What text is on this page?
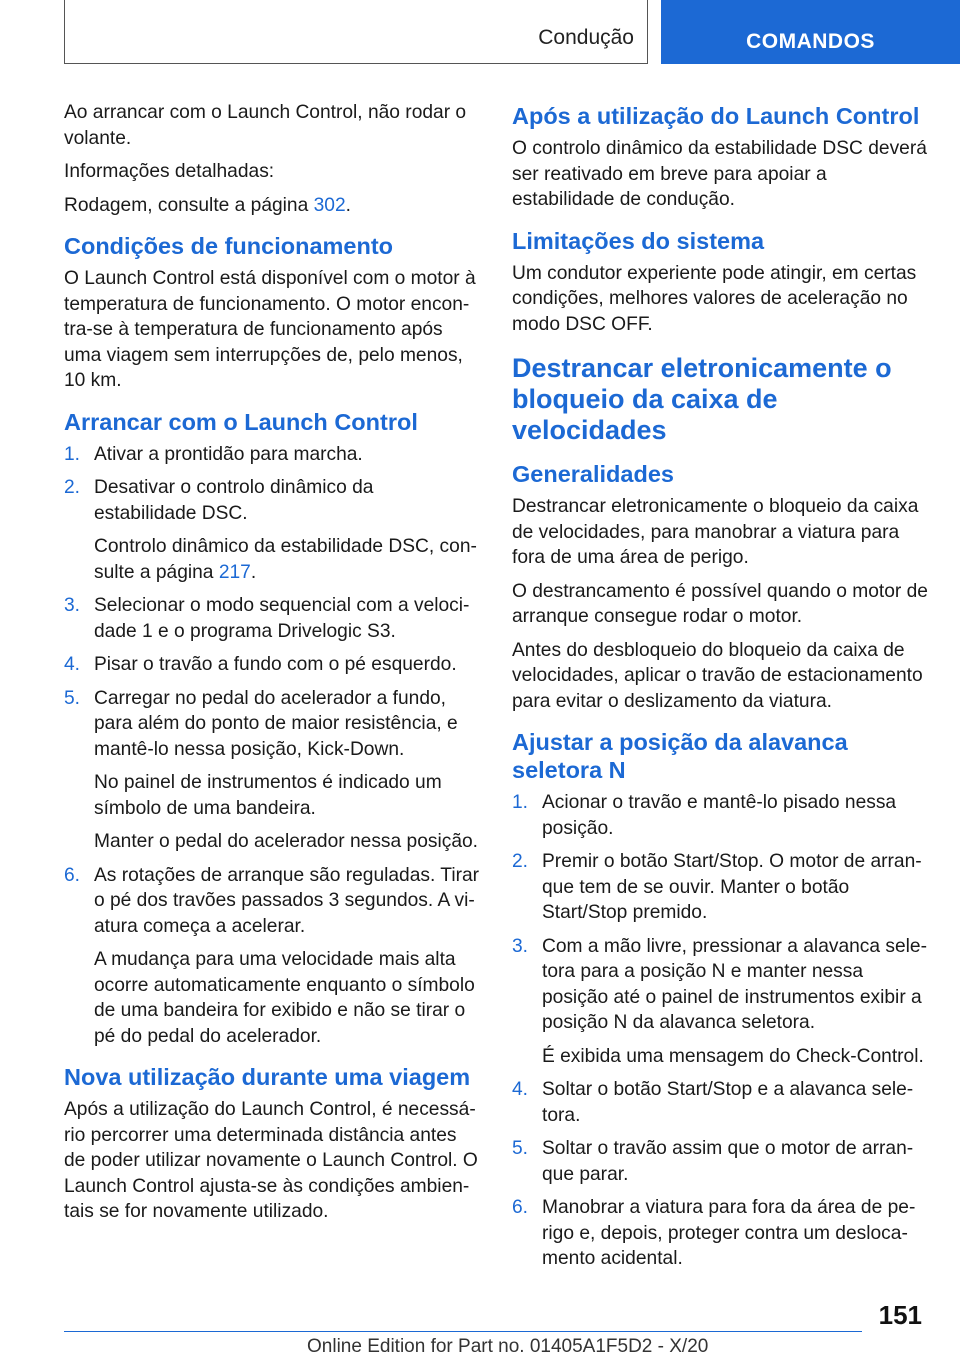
Condução	COMANDOS

Ao arrancar com o Launch Control, não rodar o volante.

Informações detalhadas:

Rodagem, consulte a página 302.

Condições de funcionamento

O Launch Control está disponível com o motor à temperatura de funcionamento. O motor encontra-se à temperatura de funcionamento após uma viagem sem interrupções de, pelo menos, 10 km.

Arrancar com o Launch Control
1. Ativar a prontidão para marcha.

2. Desativar o controlo dinâmico da estabilidade DSC.

Controlo dinâmico da estabilidade DSC, consulte a página 217.

3. Selecionar o modo sequencial com a velocidade 1 e o programa Drivelogic S3.

4. Pisar o travão a fundo com o pé esquerdo.

5. Carregar no pedal do acelerador a fundo, para além do ponto de maior resistência, e mantê-lo nessa posição, Kick-Down.

No painel de instrumentos é indicado um símbolo de uma bandeira.

Manter o pedal do acelerador nessa posição.

6. As rotações de arranque são reguladas. Tirar o pé dos travões passados 3 segundos. A viatura começa a acelerar.

A mudança para uma velocidade mais alta ocorre automaticamente enquanto o símbolo de uma bandeira for exibido e não se tirar o pé do pedal do acelerador.

Nova utilização durante uma viagem

Após a utilização do Launch Control, é necessário percorrer uma determinada distância antes de poder utilizar novamente o Launch Control. O Launch Control ajusta-se às condições ambientais se for novamente utilizado.

Após a utilização do Launch Control

O controlo dinâmico da estabilidade DSC deverá ser reativado em breve para apoiar a estabilidade de condução.

Limitações do sistema

Um condutor experiente pode atingir, em certas condições, melhores valores de aceleração no modo DSC OFF.

Destrancar eletronicamente o bloqueio da caixa de velocidades
Generalidades

Destrancar eletronicamente o bloqueio da caixa de velocidades, para manobrar a viatura para fora de uma área de perigo.

O destrancamento é possível quando o motor de arranque consegue rodar o motor.

Antes do desbloqueio do bloqueio da caixa de velocidades, aplicar o travão de estacionamento para evitar o deslizamento da viatura.

Ajustar a posição da alavanca seletora N
1. Acionar o travão e mantê-lo pisado nessa posição.

2. Premir o botão Start/Stop. O motor de arranque tem de se ouvir. Manter o botão Start/Stop premido.

3. Com a mão livre, pressionar a alavanca seletora para a posição N e manter nessa posição até o painel de instrumentos exibir a posição N da alavanca seletora.

É exibida uma mensagem do Check-Control.

4. Soltar o botão Start/Stop e a alavanca seletora.

5. Soltar o travão assim que o motor de arranque parar.

6. Manobrar a viatura para fora da área de perigo e, depois, proteger contra um deslocamento acidental.

151
Online Edition for Part no. 01405A1F5D2 - X/20
